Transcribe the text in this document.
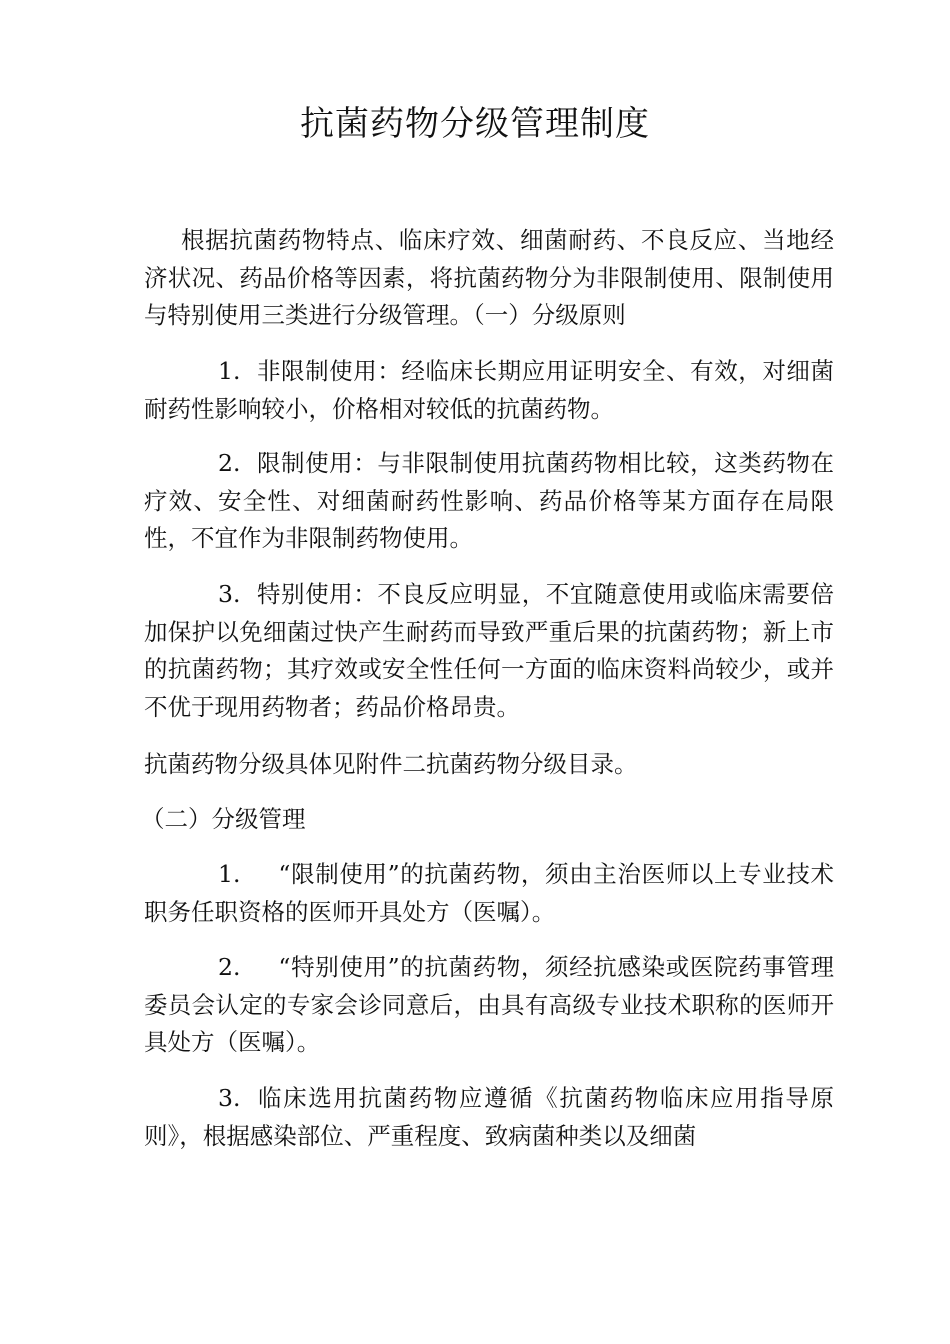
抗菌药物分级管理制度

根据抗菌药物特点、临床疗效、细菌耐药、不良反应、当地经济状况、药品价格等因素，将抗菌药物分为非限制使用、限制使用与特别使用三类进行分级管理。（一）分级原则

1. 非限制使用：经临床长期应用证明安全、有效，对细菌耐药性影响较小，价格相对较低的抗菌药物。

2. 限制使用：与非限制使用抗菌药物相比较，这类药物在疗效、安全性、对细菌耐药性影响、药品价格等某方面存在局限性，不宜作为非限制药物使用。

3. 特别使用：不良反应明显，不宜随意使用或临床需要倍加保护以免细菌过快产生耐药而导致严重后果的抗菌药物；新上市的抗菌药物；其疗效或安全性任何一方面的临床资料尚较少，或并不优于现用药物者；药品价格昂贵。

抗菌药物分级具体见附件二抗菌药物分级目录。

（二）分级管理

1. “限制使用”的抗菌药物，须由主治医师以上专业技术职务任职资格的医师开具处方（医嘱）。

2. “特别使用”的抗菌药物，须经抗感染或医院药事管理委员会认定的专家会诊同意后，由具有高级专业技术职称的医师开具处方（医嘱）。

3. 临床选用抗菌药物应遵循《抗菌药物临床应用指导原则》，根据感染部位、严重程度、致病菌种类以及细菌
